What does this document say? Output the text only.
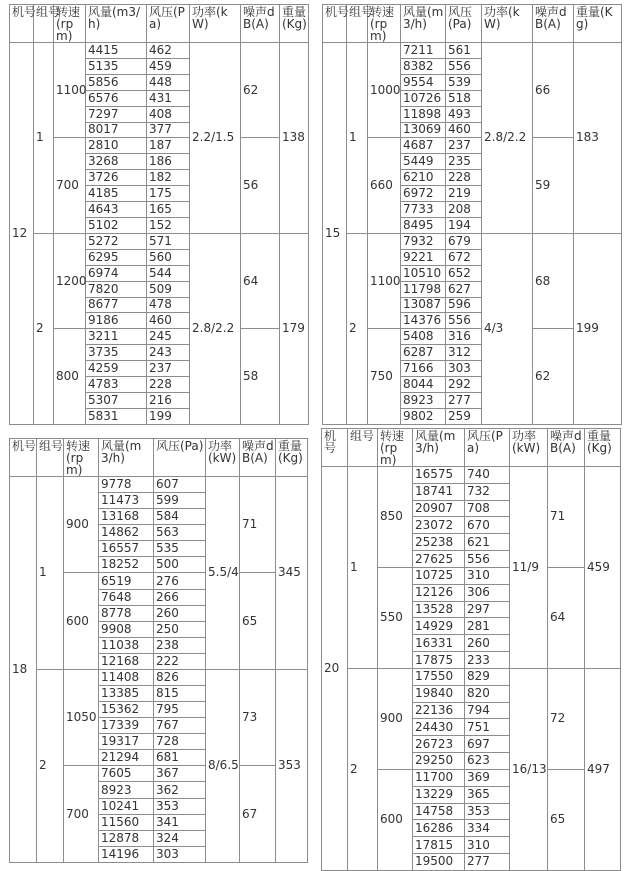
机号	组号	转速(rpm)	风量(m3/h)	风压(Pa)	功率(kW)	噪声dB(A)	重量(Kg)

12	1	1100	4415	462	2.2/1.5	62	138
			5135	459			
			5856	448			
			6576	431			
			7297	408			
			8017	377			
		700	2810	187		56	
			3268	186			
			3726	182			
			4185	175			
			4643	165			
			5102	152			
	2	1200	5272	571	2.8/2.2	64	179
			6295	560			
			6974	544			
			7820	509			
			8677	478			
			9186	460			
		800	3211	245		58	
			3735	243			
			4259	237			
			4783	228			
			5307	216			
			5831	199			
机号	组号	转速(rpm)	风量(m3/h)	风压(Pa)	功率(kW)	噪声dB(A)	重量(Kg)

15	1	1000	7211	561	2.8/2.2	66	183
			8382	556			
			9554	539			
			10726	518			
			11898	493			
			13069	460			
		660	4687	237		59	
			5449	235			
			6210	228			
			6972	219			
			7733	208			
			8495	194			
	2	1100	7932	679	4/3	68	199
			9221	672			
			10510	652			
			11798	627			
			13087	596			
			14376	556			
		750	5408	316		62	
			6287	312			
			7166	303			
			8044	292			
			8923	277			
			9802	259			
机号	组号	转速(rpm)	风量(m3/h)	风压(Pa)	功率(kW)	噪声dB(A)	重量(Kg)

18	1	900	9778	607	5.5/4	71	345
			11473	599			
			13168	584			
			14862	563			
			16557	535			
			18252	500			
		600	6519	276		65	
			7648	266			
			8778	260			
			9908	250			
			11038	238			
			12168	222			
	2	1050	11408	826	8/6.5	73	353
			13385	815			
			15362	795			
			17339	767			
			19317	728			
			21294	681			
		700	7605	367		67	
			8923	362			
			10241	353			
			11560	341			
			12878	324			
			14196	303			
机号	组号	转速(rpm)	风量(m3/h)	风压(Pa)	功率(kW)	噪声dB(A)	重量(Kg)

20	1	850	16575	740	11/9	71	459
			18741	732			
			20907	708			
			23072	670			
			25238	621			
			27625	556			
		550	10725	310		64	
			12126	306			
			13528	297			
			14929	281			
			16331	260			
			17875	233			
	2	900	17550	829	16/13	72	497
			19840	820			
			22136	794			
			24430	751			
			26723	697			
			29250	623			
		600	11700	369		65	
			13229	365			
			14758	353			
			16286	334			
			17815	310			
			19500	277			
